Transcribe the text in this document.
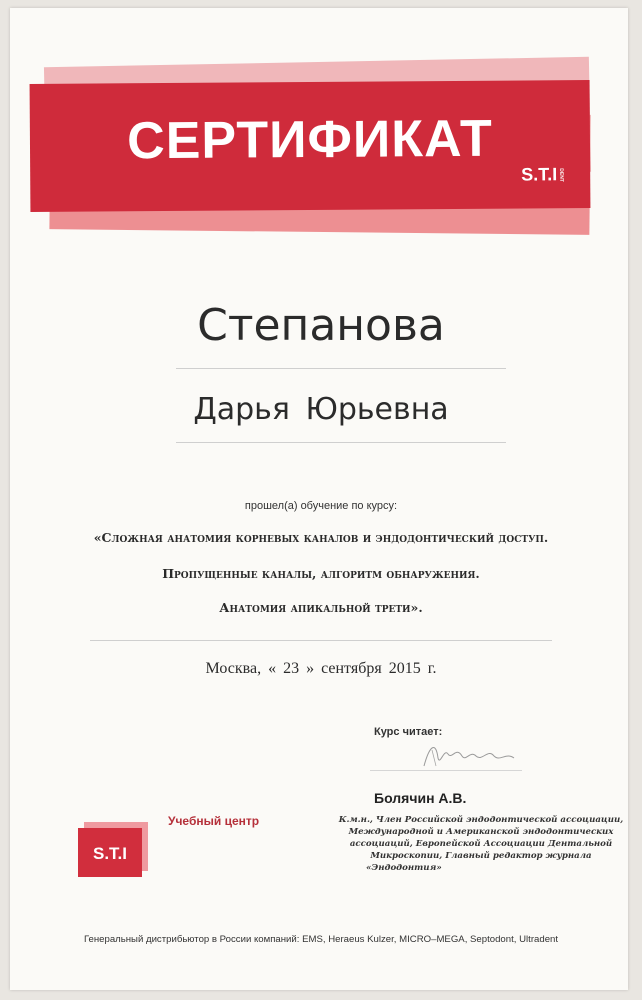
СЕРТИФИКАТ
S.T.IDENT
Степанова
Дарья Юрьевна
прошел(а) обучение по курсу:
«Сложная анатомия корневых каналов и эндодонтический доступ.
Пропущенные каналы, алгоритм обнаружения.
Анатомия апикальной трети».
Москва, « 23 » сентября 2015 г.
Курс читает:
Болячин А.В.
К.м.н., Член Российской эндодонтической ассоциации,
Международной и Американской эндодонтических
ассоциаций, Европейской Ассоциации Дентальной
Микроскопии, Главный редактор журнала
«Эндодонтия»
Учебный центр
S.T.I
Генеральный дистрибьютор в России компаний: EMS, Heraeus Kulzer, MICRO–MEGA, Septodont, Ultradent
